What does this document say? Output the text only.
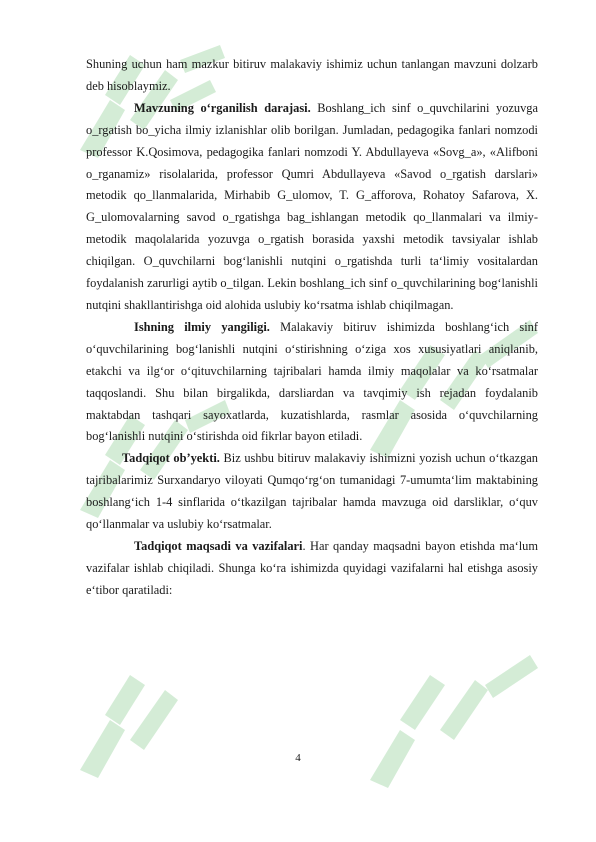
Shuning uchun ham mazkur bitiruv malakaviy ishimiz uchun tanlangan mavzuni dolzarb deb hisoblaymiz.

Mavzuning o‘rganilish darajasi. Boshlang_ich sinf o_quvchilarini yozuvga o_rgatish bo_yicha ilmiy izlanishlar olib borilgan. Jumladan, pedagogika fanlari nomzodi professor K.Qosimova, pedagogika fanlari nomzodi Y. Abdullayeva «Sovg_a», «Alifboni o_rganamiz» risolalarida, professor Qumri Abdullayeva «Savod o_rgatish darslari» metodik qo_llanmalarida, Mirhabib G_ulomov, T. G_afforova, Rohatoy Safarova, X. G_ulomovalarning savod o_rgatishga bag_ishlangan metodik qo_llanmalari va ilmiy-metodik maqolalarida yozuvga o_rgatish borasida yaxshi metodik tavsiyalar ishlab chiqilgan. O_quvchilarni bog‘lanishli nutqini o_rgatishda turli ta‘limiy vositalardan foydalanish zarurligi aytib o_tilgan. Lekin boshlang_ich sinf o_quvchilarining bog‘lanishli nutqini shakllantirishga oid alohida uslubiy ko‘rsatma ishlab chiqilmagan.

Ishning ilmiy yangiligi. Malakaviy bitiruv ishimizda boshlang‘ich sinf o‘quvchilarining bog‘lanishli nutqini o‘stirishning o‘ziga xos xususiyatlari aniqlanib, etakchi va ilg‘or o‘qituvchilarning tajribalari hamda ilmiy maqolalar va ko‘rsatmalar taqqoslandi. Shu bilan birgalikda, darsliardan va tavqimiy ish rejadan foydalanib maktabdan tashqari sayoxatlarda, kuzatishlarda, rasmlar asosida o‘quvchilarning bog‘lanishli nutqini o‘stirishda oid fikrlar bayon etiladi.

Tadqiqot ob’yekti. Biz ushbu bitiruv malakaviy ishimizni yozish uchun o‘tkazgan tajribalarimiz Surxandaryo viloyati Qumqo‘rg‘on tumanidagi 7-umumta‘lim maktabining boshlang‘ich 1-4 sinflarida o‘tkazilgan tajribalar hamda mavzuga oid darsliklar, o‘quv qo‘llanmalar va uslubiy ko‘rsatmalar.

Tadqiqot maqsadi va vazifalari. Har qanday maqsadni bayon etishda ma‘lum vazifalar ishlab chiqiladi. Shunga ko‘ra ishimizda quyidagi vazifalarni hal etishga asosiy e‘tibor qaratiladi:

4
